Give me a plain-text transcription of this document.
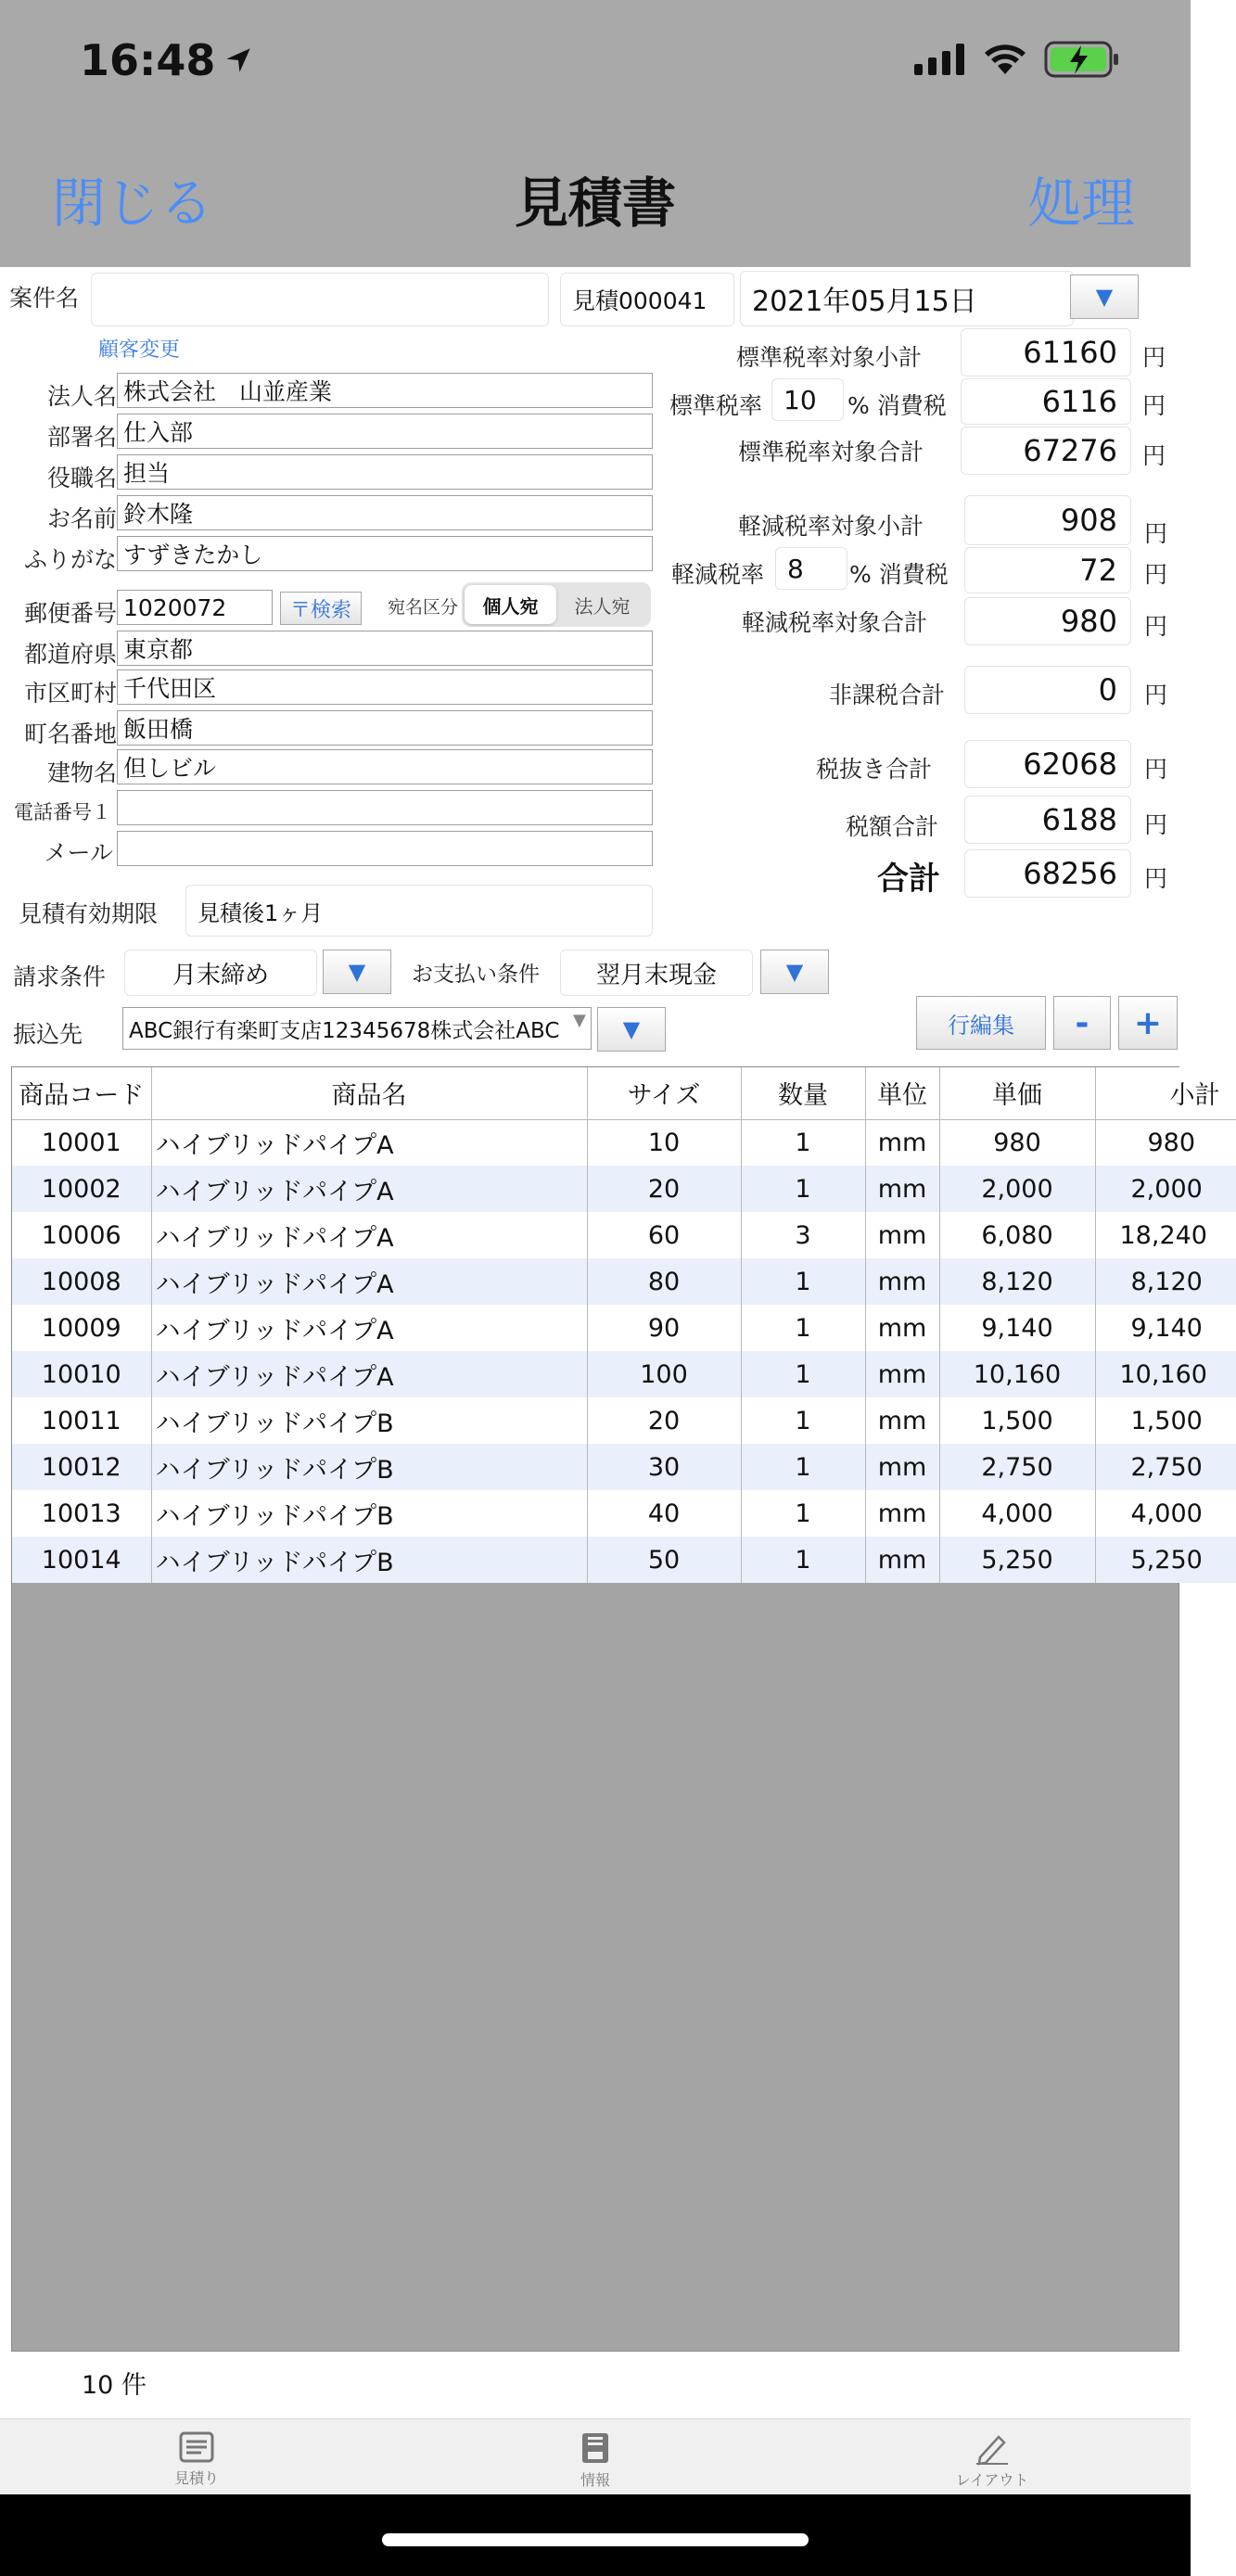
16:48
閉じる	見積書	処理
案件名	見積000041	2021年05月15日	▼
顧客変更
法人名 株式会社　山並産業
部署名 仕入部
役職名 担当
お名前 鈴木隆
ふりがな すずきたかし
郵便番号 1020072	〒検索	宛名区分	個人宛	法人宛
都道府県 東京都
市区町村 千代田区
町名番地 飯田橋
建物名 但しビル
電話番号１
メール
見積有効期限	見積後1ヶ月
請求条件	月末締め	▼ お支払い条件	翌月末現金	▼
振込先 ABC銀行有楽町支店12345678株式会社ABC ▼ ▼	行編集	-	+
標準税率対象小計	61160	円
標準税率 10	% 消費税	6116	円
標準税率対象合計	67276	円
軽減税率対象小計	908	円
軽減税率 8	% 消費税	72	円
軽減税率対象合計	980	円
非課税合計	0	円
税抜き合計	62068	円
税額合計	6188	円
合計	68256	円
商品コード	商品名	サイズ	数量	単位	単価	小計
10001	ハイブリッドパイプA	10	1	mm	980	980
10002	ハイブリッドパイプA	20	1	mm	2,000	2,000
10006	ハイブリッドパイプA	60	3	mm	6,080	18,240
10008	ハイブリッドパイプA	80	1	mm	8,120	8,120
10009	ハイブリッドパイプA	90	1	mm	9,140	9,140
10010	ハイブリッドパイプA	100	1	mm	10,160	10,160
10011	ハイブリッドパイプB	20	1	mm	1,500	1,500
10012	ハイブリッドパイプB	30	1	mm	2,750	2,750
10013	ハイブリッドパイプB	40	1	mm	4,000	4,000
10014	ハイブリッドパイプB	50	1	mm	5,250	5,250
10 件
見積り	情報	レイアウト
